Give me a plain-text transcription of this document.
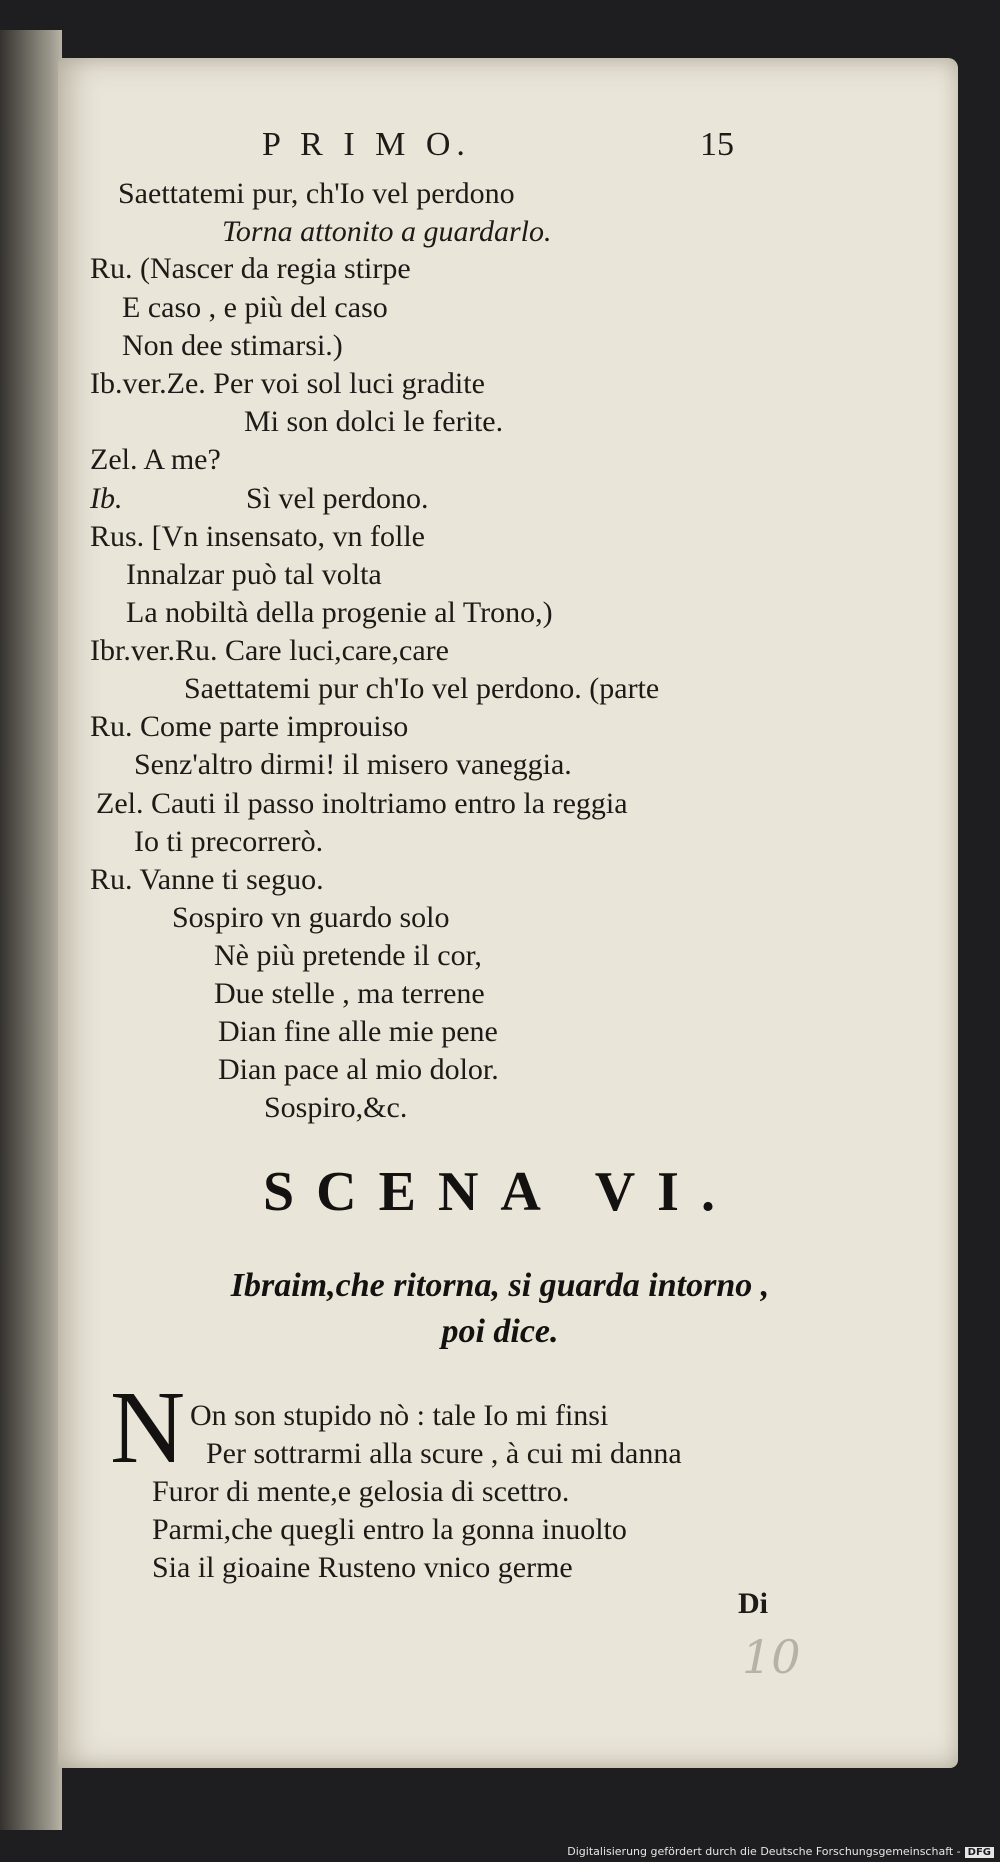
P R I M O.	15
Saettatemi pur, ch'Io vel perdono
Torna attonito a guardarlo.
Ru. (Nascer da regia stirpe
E caso , e più del caso
Non dee stimarsi.)
Ib.ver.Ze. Per voi sol luci gradite
Mi son dolci le ferite.
Zel. A me?
Ib.	Sì vel perdono.
Rus. [Vn insensato, vn folle
Innalzar può tal volta
La nobiltà della progenie al Trono,)
Ibr.ver.Ru. Care luci,care,care
Saettatemi pur ch'Io vel perdono. (parte
Ru. Come parte improuiso
Senz'altro dirmi! il misero vaneggia.
Zel. Cauti il passo inoltriamo entro la reggia
Io ti precorrerò.
Ru. Vanne ti seguo.
Sospiro vn guardo solo
Nè più pretende il cor,
Due stelle , ma terrene
Dian fine alle mie pene
Dian pace al mio dolor.
Sospiro,&c.
SCENA VI.
Ibraim,che ritorna, si guarda intorno ,
poi dice.
N On son stupido nò : tale Io mi finsi
Per sottrarmi alla scure , à cui mi danna
Furor di mente,e gelosia di scettro.
Parmi,che quegli entro la gonna inuolto
Sia il gioaine Rusteno vnico germe
Di
10
Digitalisierung gefördert durch die Deutsche Forschungsgemeinschaft - DFG
